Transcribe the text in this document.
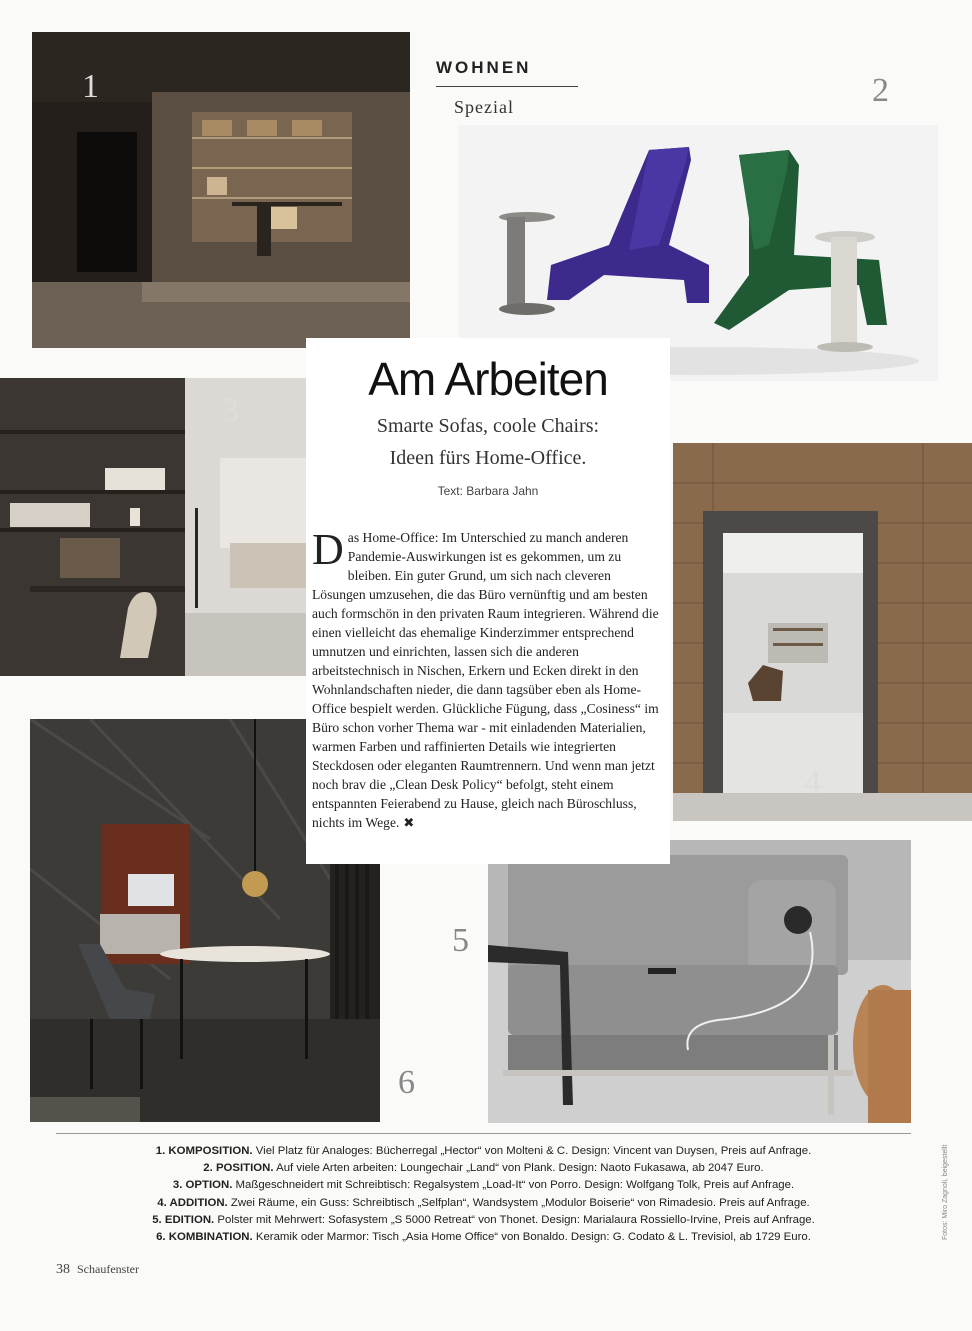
WOHNEN
Spezial
1	2
3
4
6
5
Am Arbeiten
Smarte Sofas, coole Chairs:
Ideen fürs Home-Office.
Text: Barbara Jahn
Das Home-Office: Im Unterschied zu manch anderen Pandemie-Auswirkungen ist es gekommen, um zu bleiben. Ein guter Grund, um sich nach cleveren Lösungen umzusehen, die das Büro vernünftig und am besten auch formschön in den privaten Raum integrieren. Während die einen vielleicht das ehemalige Kinderzimmer entsprechend umnutzen und einrichten, lassen sich die anderen arbeitstechnisch in Nischen, Erkern und Ecken direkt in den Wohnlandschaften nieder, die dann tagsüber eben als Home-Office bespielt werden. Glückliche Fügung, dass „Cosiness“ im Büro schon vorher Thema war - mit einladenden Materialien, warmen Farben und raffinierten Details wie integrierten Steckdosen oder eleganten Raumtrennern. Und wenn man jetzt noch brav die „Clean Desk Policy“ befolgt, steht einem entspannten Feierabend zu Hause, gleich nach Büroschluss, nichts im Wege. ✖
1. KOMPOSITION. Viel Platz für Analoges: Bücherregal „Hector“ von Molteni & C. Design: Vincent van Duysen, Preis auf Anfrage.
2. POSITION. Auf viele Arten arbeiten: Loungechair „Land“ von Plank. Design: Naoto Fukasawa, ab 2047 Euro.
3. OPTION. Maßgeschneidert mit Schreibtisch: Regalsystem „Load-It“ von Porro. Design: Wolfgang Tolk, Preis auf Anfrage.
4. ADDITION. Zwei Räume, ein Guss: Schreibtisch „Selfplan“, Wandsystem „Modulor Boiserie“ von Rimadesio. Preis auf Anfrage.
5. EDITION. Polster mit Mehrwert: Sofasystem „S 5000 Retreat“ von Thonet. Design: Marialaura Rossiello-Irvine, Preis auf Anfrage.
6. KOMBINATION. Keramik oder Marmor: Tisch „Asia Home Office“ von Bonaldo. Design: G. Codato & L. Trevisiol, ab 1729 Euro.
38 Schaufenster
Fotos: Miro Zagnoli, beigestellt
